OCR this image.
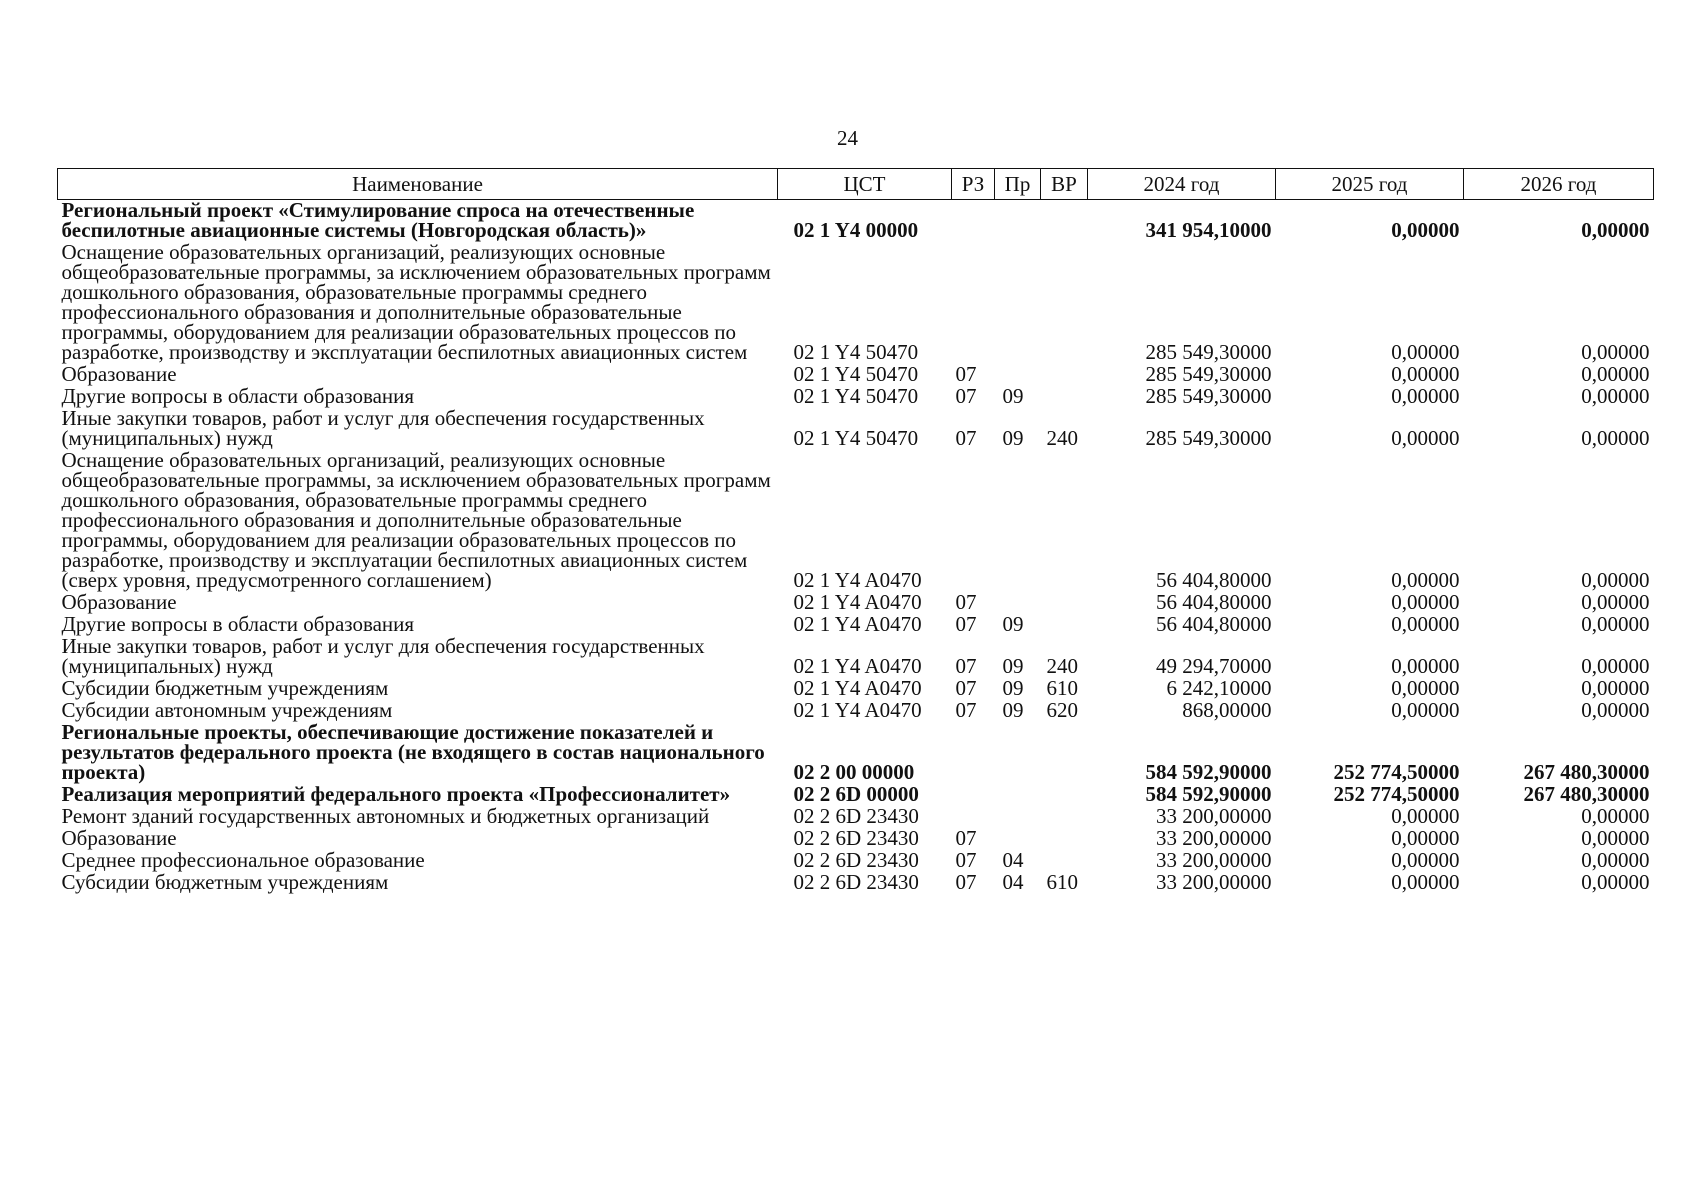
24
Наименование	ЦСТ	РЗ	Пр	ВР	2024 год	2025 год	2026 год
Региональный проект «Стимулирование спроса на отечественные беспилотные авиационные системы (Новгородская область)»	02 1 Y4 00000				341 954,10000	0,00000	0,00000
Оснащение образовательных организаций, реализующих основные общеобразовательные программы, за исключением образовательных программ дошкольного образования, образовательные программы среднего профессионального образования и дополнительные образовательные программы, оборудованием для реализации образовательных процессов по разработке, производству и эксплуатации беспилотных авиационных систем	02 1 Y4 50470				285 549,30000	0,00000	0,00000
Образование	02 1 Y4 50470	07			285 549,30000	0,00000	0,00000
Другие вопросы в области образования	02 1 Y4 50470	07	09		285 549,30000	0,00000	0,00000
Иные закупки товаров, работ и услуг для обеспечения государственных (муниципальных) нужд	02 1 Y4 50470	07	09	240	285 549,30000	0,00000	0,00000
Оснащение образовательных организаций, реализующих основные общеобразовательные программы, за исключением образовательных программ дошкольного образования, образовательные программы среднего профессионального образования и дополнительные образовательные программы, оборудованием для реализации образовательных процессов по разработке, производству и эксплуатации беспилотных авиационных систем (сверх уровня, предусмотренного соглашением)	02 1 Y4 A0470				56 404,80000	0,00000	0,00000
Образование	02 1 Y4 A0470	07			56 404,80000	0,00000	0,00000
Другие вопросы в области образования	02 1 Y4 A0470	07	09		56 404,80000	0,00000	0,00000
Иные закупки товаров, работ и услуг для обеспечения государственных (муниципальных) нужд	02 1 Y4 A0470	07	09	240	49 294,70000	0,00000	0,00000
Субсидии бюджетным учреждениям	02 1 Y4 A0470	07	09	610	6 242,10000	0,00000	0,00000
Субсидии автономным учреждениям	02 1 Y4 A0470	07	09	620	868,00000	0,00000	0,00000
Региональные проекты, обеспечивающие достижение показателей и результатов федерального проекта (не входящего в состав национального проекта)	02 2 00 00000				584 592,90000	252 774,50000	267 480,30000
Реализация мероприятий федерального проекта «Профессионалитет»	02 2 6D 00000				584 592,90000	252 774,50000	267 480,30000
Ремонт зданий государственных автономных и бюджетных организаций	02 2 6D 23430				33 200,00000	0,00000	0,00000
Образование	02 2 6D 23430	07			33 200,00000	0,00000	0,00000
Среднее профессиональное образование	02 2 6D 23430	07	04		33 200,00000	0,00000	0,00000
Субсидии бюджетным учреждениям	02 2 6D 23430	07	04	610	33 200,00000	0,00000	0,00000
